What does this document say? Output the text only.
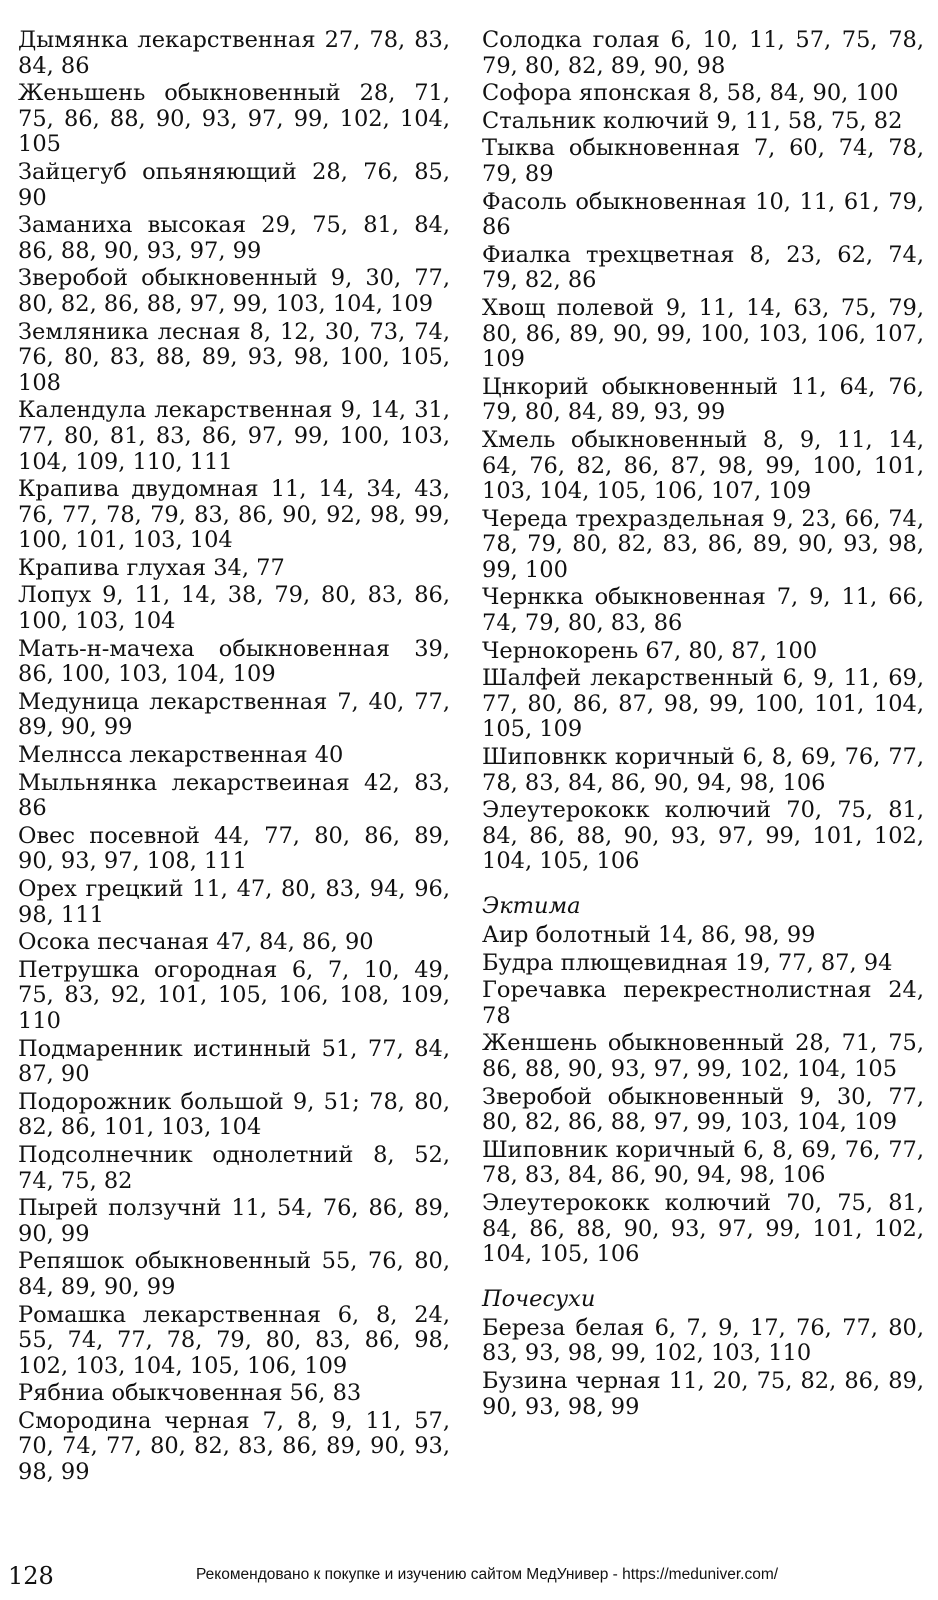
Дымянка лекарственная 27, 78, 83, 84, 86
Женьшень обыкновенный 28, 71, 75, 86, 88, 90, 93, 97, 99, 102, 104, 105
Зайцегуб опьяняющий 28, 76, 85, 90
Заманиха высокая 29, 75, 81, 84, 86, 88, 90, 93, 97, 99
Зверобой обыкновенный 9, 30, 77, 80, 82, 86, 88, 97, 99, 103, 104, 109
Земляника лесная 8, 12, 30, 73, 74, 76, 80, 83, 88, 89, 93, 98, 100, 105, 108
Календула лекарственная 9, 14, 31, 77, 80, 81, 83, 86, 97, 99, 100, 103, 104, 109, 110, 111
Крапива двудомная 11, 14, 34, 43, 76, 77, 78, 79, 83, 86, 90, 92, 98, 99, 100, 101, 103, 104
Крапива глухая 34, 77
Лопух 9, 11, 14, 38, 79, 80, 83, 86, 100, 103, 104
Мать-н-мачеха обыкновенная 39, 86, 100, 103, 104, 109
Медуница лекарственная 7, 40, 77, 89, 90, 99
Мелнсса лекарственная 40
Мыльнянка лекарствеиная 42, 83, 86
Овес посевной 44, 77, 80, 86, 89, 90, 93, 97, 108, 111
Орех грецкий 11, 47, 80, 83, 94, 96, 98, 111
Осока песчаная 47, 84, 86, 90
Петрушка огородная 6, 7, 10, 49, 75, 83, 92, 101, 105, 106, 108, 109, 110
Подмаренник истинный 51, 77, 84, 87, 90
Подорожник большой 9, 51; 78, 80, 82, 86, 101, 103, 104
Подсолнечник однолетний 8, 52, 74, 75, 82
Пырей ползучнй 11, 54, 76, 86, 89, 90, 99
Репяшок обыкновенный 55, 76, 80, 84, 89, 90, 99
Ромашка лекарственная 6, 8, 24, 55, 74, 77, 78, 79, 80, 83, 86, 98, 102, 103, 104, 105, 106, 109
Рябниа обыкчовенная 56, 83
Смородина черная 7, 8, 9, 11, 57, 70, 74, 77, 80, 82, 83, 86, 89, 90, 93, 98, 99
Солодка голая 6, 10, 11, 57, 75, 78, 79, 80, 82, 89, 90, 98
Софора японская 8, 58, 84, 90, 100
Стальник колючий 9, 11, 58, 75, 82
Тыква обыкновенная 7, 60, 74, 78, 79, 89
Фасоль обыкновенная 10, 11, 61, 79, 86
Фиалка трехцветная 8, 23, 62, 74, 79, 82, 86
Хвощ полевой 9, 11, 14, 63, 75, 79, 80, 86, 89, 90, 99, 100, 103, 106, 107, 109
Цнкорий обыкновенный 11, 64, 76, 79, 80, 84, 89, 93, 99
Хмель обыкновенный 8, 9, 11, 14, 64, 76, 82, 86, 87, 98, 99, 100, 101, 103, 104, 105, 106, 107, 109
Череда трехраздельная 9, 23, 66, 74, 78, 79, 80, 82, 83, 86, 89, 90, 93, 98, 99, 100
Чернкка обыкновенная 7, 9, 11, 66, 74, 79, 80, 83, 86
Чернокорень 67, 80, 87, 100
Шалфей лекарственный 6, 9, 11, 69, 77, 80, 86, 87, 98, 99, 100, 101, 104, 105, 109
Шиповнкк коричный 6, 8, 69, 76, 77, 78, 83, 84, 86, 90, 94, 98, 106
Элеутерококк колючий 70, 75, 81, 84, 86, 88, 90, 93, 97, 99, 101, 102, 104, 105, 106
Эктима
Аир болотный 14, 86, 98, 99
Будра плющевидная 19, 77, 87, 94
Горечавка перекрестнолистная 24, 78
Женшень обыкновенный 28, 71, 75, 86, 88, 90, 93, 97, 99, 102, 104, 105
Зверобой обыкновенный 9, 30, 77, 80, 82, 86, 88, 97, 99, 103, 104, 109
Шиповник коричный 6, 8, 69, 76, 77, 78, 83, 84, 86, 90, 94, 98, 106
Элеутерококк колючий 70, 75, 81, 84, 86, 88, 90, 93, 97, 99, 101, 102, 104, 105, 106
Почесухи
Береза белая 6, 7, 9, 17, 76, 77, 80, 83, 93, 98, 99, 102, 103, 110
Бузина черная 11, 20, 75, 82, 86, 89, 90, 93, 98, 99
128	Рекомендовано к покупке и изучению сайтом МедУнивер - https://meduniver.com/
